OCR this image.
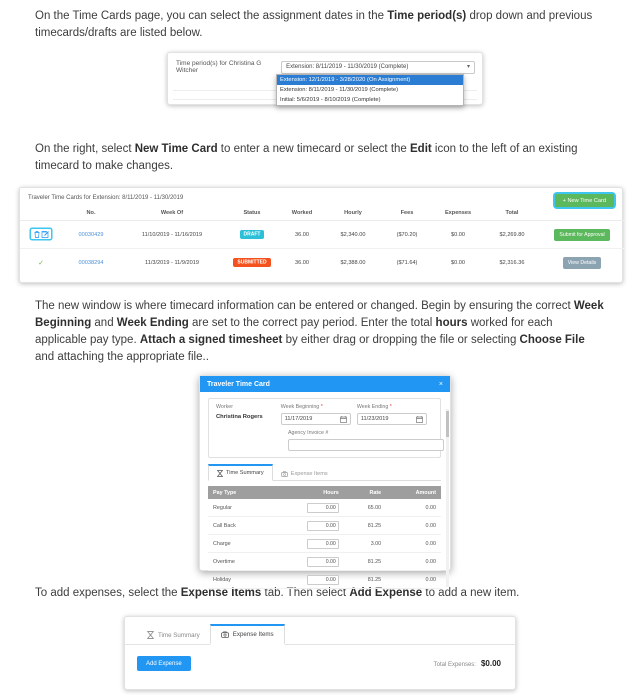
On the Time Cards page, you can select the assignment dates in the Time period(s) drop down and previous timecards/drafts are listed below.

Time period(s) for Christina G Witcher	Extension: 8/11/2019 - 11/30/2019 (Complete)	▾
Extension: 12/1/2019 - 3/28/2020 (On Assignment)
Extension: 8/11/2019 - 11/30/2019 (Complete)
Initial: 5/6/2019 - 8/10/2019 (Complete)

On the right, select New Time Card to enter a new timecard or select the Edit icon to the left of an existing timecard to make changes.

Traveler Time Cards for Extension: 8/11/2019 - 11/30/2019	+ New Time Card
	No.	Week Of	Status	Worked	Hourly	Fees	Expenses	Total	

	00030429	11/10/2019 - 11/16/2019	DRAFT	36.00	$2,340.00	($70.20)	$0.00	$2,269.80	Submit for Approval
✓	00038294	11/3/2019 - 11/9/2019	SUBMITTED	36.00	$2,388.00	($71.64)	$0.00	$2,316.36	View Details

The new window is where timecard information can be entered or changed. Begin by ensuring the correct Week Beginning and Week Ending are set to the correct pay period. Enter the total hours worked for each applicable pay type. Attach a signed timesheet by either drag or dropping the file or selecting Choose File and attaching the appropriate file..

Traveler Time Card	×
Worker
Christina Rogers
Week Beginning *
11/17/2019
Week Ending *
11/23/2019
Agency Invoice #
Time Summary	Expense Items
Pay Type	Hours	Rate	Amount
Regular	0.00	65.00	0.00
Call Back	0.00	81.25	0.00
Charge	0.00	3.00	0.00
Overtime	0.00	81.25	0.00
Holiday	0.00	81.25	0.00

To add expenses, select the Expense Items tab. Then select Add Expense to add a new item.

Time Summary	Expense Items
Add Expense	Total Expenses: $0.00
